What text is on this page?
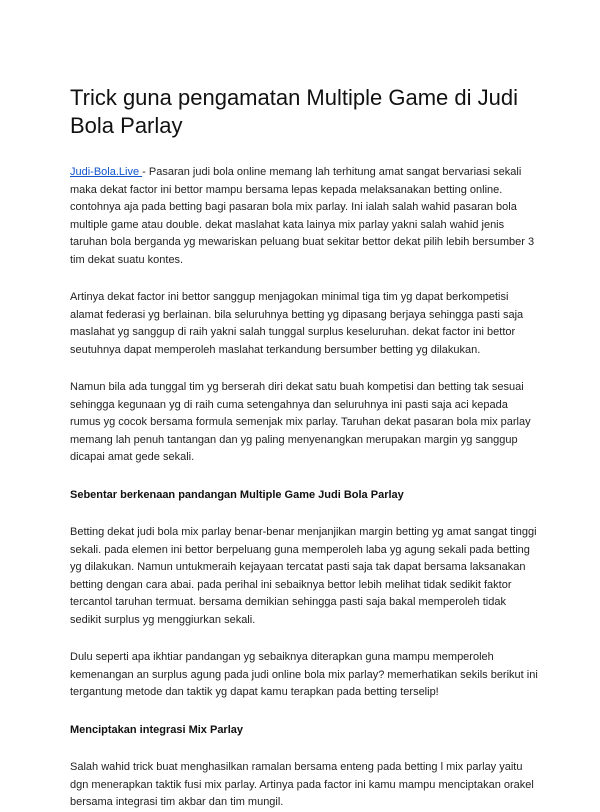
Trick guna pengamatan Multiple Game di Judi Bola Parlay

Judi-Bola.Live - Pasaran judi bola online memang lah terhitung amat sangat bervariasi sekali maka dekat factor ini bettor mampu bersama lepas kepada melaksanakan betting online. contohnya aja pada betting bagi pasaran bola mix parlay. Ini ialah salah wahid pasaran bola multiple game atau double. dekat maslahat kata lainya mix parlay yakni salah wahid jenis taruhan bola berganda yg mewariskan peluang buat sekitar bettor dekat pilih lebih bersumber 3 tim dekat suatu kontes.

Artinya dekat factor ini bettor sanggup menjagokan minimal tiga tim yg dapat berkompetisi alamat federasi yg berlainan. bila seluruhnya betting yg dipasang berjaya sehingga pasti saja maslahat yg sanggup di raih yakni salah tunggal surplus keseluruhan. dekat factor ini bettor seutuhnya dapat memperoleh maslahat terkandung bersumber betting yg dilakukan.

Namun bila ada tunggal tim yg berserah diri dekat satu buah kompetisi dan betting tak sesuai sehingga kegunaan yg di raih cuma setengahnya dan seluruhnya ini pasti saja aci kepada rumus yg cocok bersama formula semenjak mix parlay. Taruhan dekat pasaran bola mix parlay memang lah penuh tantangan dan yg paling menyenangkan merupakan margin yg sanggup dicapai amat gede sekali.

Sebentar berkenaan pandangan Multiple Game Judi Bola Parlay

Betting dekat judi bola mix parlay benar-benar menjanjikan margin betting yg amat sangat tinggi sekali. pada elemen ini bettor berpeluang guna memperoleh laba yg agung sekali pada betting yg dilakukan. Namun untukmeraih kejayaan tercatat pasti saja tak dapat bersama laksanakan betting dengan cara abai. pada perihal ini sebaiknya bettor lebih melihat tidak sedikit faktor tercantol taruhan termuat. bersama demikian sehingga pasti saja bakal memperoleh tidak sedikit surplus yg menggiurkan sekali.

Dulu seperti apa ikhtiar pandangan yg sebaiknya diterapkan guna mampu memperoleh kemenangan an surplus agung pada judi online bola mix parlay? memerhatikan sekils berikut ini tergantung metode dan taktik yg dapat kamu terapkan pada betting terselip!

Menciptakan integrasi Mix Parlay

Salah wahid trick buat menghasilkan ramalan bersama enteng pada betting l mix parlay yaitu dgn menerapkan taktik fusi mix parlay. Artinya pada factor ini kamu mampu menciptakan orakel bersama integrasi tim akbar dan tim mungil.
